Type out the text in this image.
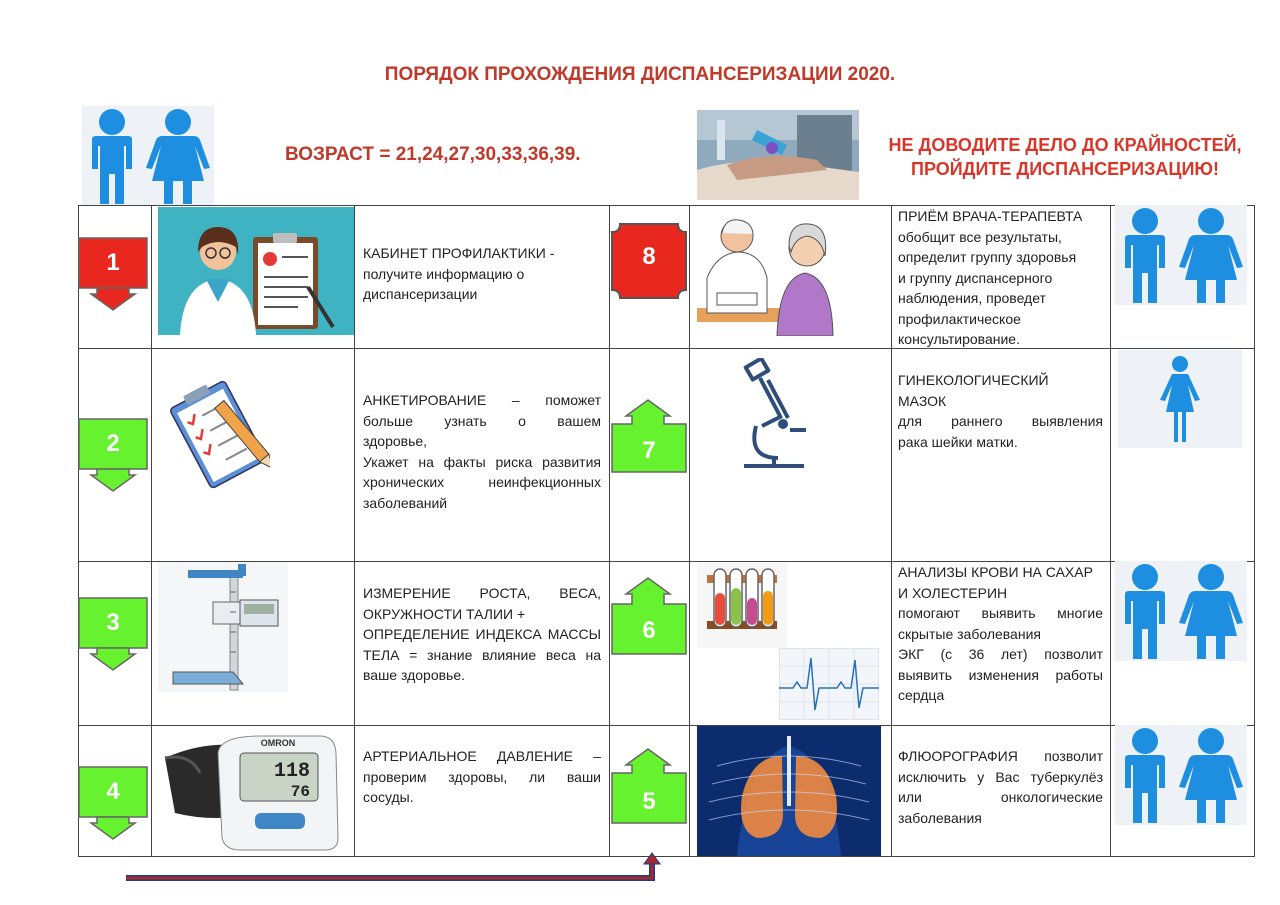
ПОРЯДОК ПРОХОЖДЕНИЯ ДИСПАНСЕРИЗАЦИИ 2020.
ВОЗРАСТ = 21,24,27,30,33,36,39.	НЕ ДОВОДИТЕ ДЕЛО ДО КРАЙНОСТЕЙ,
ПРОЙДИТЕ ДИСПАНСЕРИЗАЦИЮ!
1
2
3
4
8
7
6
5
OMRON
118
76
КАБИНЕТ ПРОФИЛАКТИКИ -
получите информацию о
диспансеризации
АНКЕТИРОВАНИЕ – поможет
больше узнать о вашем
здоровье,
Укажет на факты риска развития
хронических неинфекционных
заболеваний
ИЗМЕРЕНИЕ РОСТА, ВЕСА,
ОКРУЖНОСТИ ТАЛИИ +
ОПРЕДЕЛЕНИЕ ИНДЕКСА МАССЫ
ТЕЛА = знание влияние веса на
ваше здоровье.
АРТЕРИАЛЬНОЕ ДАВЛЕНИЕ –
проверим здоровы, ли ваши
сосуды.
ПРИЁМ ВРАЧА-ТЕРАПЕВТА
обобщит все результаты,
определит группу здоровья
и группу диспансерного
наблюдения, проведет
профилактическое
консультирование.
ГИНЕКОЛОГИЧЕСКИЙ
МАЗОК
для раннего выявления
рака шейки матки.
АНАЛИЗЫ КРОВИ НА САХАР
И ХОЛЕСТЕРИН
помогают выявить многие
скрытые заболевания
ЭКГ (с 36 лет) позволит
выявить изменения работы
сердца
ФЛЮОРОГРАФИЯ позволит
исключить у Вас туберкулёз
или онкологические
заболевания
